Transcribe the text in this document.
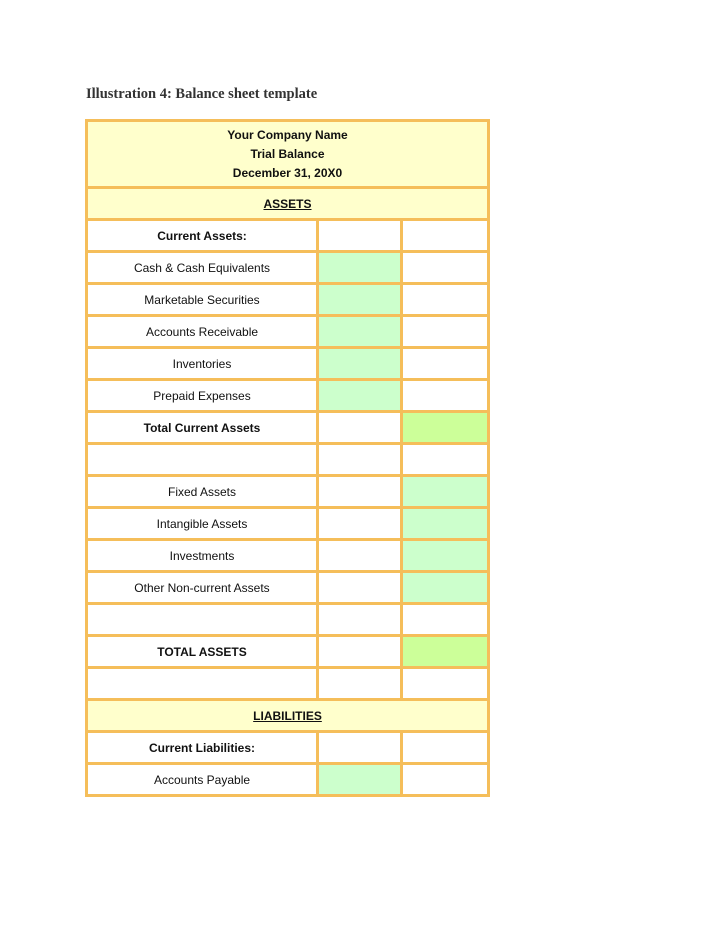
Illustration 4: Balance sheet template
Your Company Name
Trial Balance
December 31, 20X0		

ASSETS		
Current Assets:		
Cash & Cash Equivalents		
Marketable Securities		
Accounts Receivable		
Inventories		
Prepaid Expenses		
Total Current Assets		

Fixed Assets		
Intangible Assets		
Investments		
Other Non-current Assets		

TOTAL ASSETS		

LIABILITIES		
Current Liabilities:		
Accounts Payable		
